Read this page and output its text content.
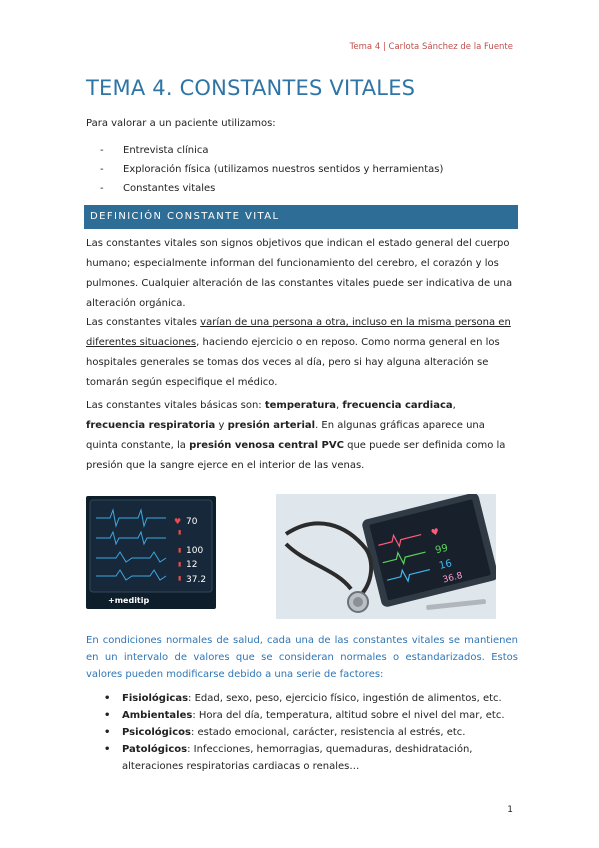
Tema 4 | Carlota Sánchez de la Fuente
TEMA 4. CONSTANTES VITALES
Para valorar a un paciente utilizamos:
- Entrevista clínica
- Exploración física (utilizamos nuestros sentidos y herramientas)
- Constantes vitales
DEFINICIÓN CONSTANTE VITAL
Las constantes vitales son signos objetivos que indican el estado general del cuerpo humano; especialmente informan del funcionamiento del cerebro, el corazón y los pulmones. Cualquier alteración de las constantes vitales puede ser indicativa de una alteración orgánica.
Las constantes vitales varían de una persona a otra, incluso en la misma persona en diferentes situaciones, haciendo ejercicio o en reposo. Como norma general en los hospitales generales se tomas dos veces al día, pero si hay alguna alteración se tomarán según especifique el médico.
Las constantes vitales básicas son: temperatura, frecuencia cardiaca, frecuencia respiratoria y presión arterial. En algunas gráficas aparece una quinta constante, la presión venosa central PVC que puede ser definida como la presión que la sangre ejerce en el interior de las venas.
♥
▮
▮
▮
▮
70
100
12
37.2
+meditip
♥
99
16
36.8
En condiciones normales de salud, cada una de las constantes vitales se mantienen en un intervalo de valores que se consideran normales o estandarizados. Estos valores pueden modificarse debido a una serie de factores:
• Fisiológicas: Edad, sexo, peso, ejercicio físico, ingestión de alimentos, etc.
• Ambientales: Hora del día, temperatura, altitud sobre el nivel del mar, etc.
• Psicológicos: estado emocional, carácter, resistencia al estrés, etc.
• Patológicos: Infecciones, hemorragias, quemaduras, deshidratación, alteraciones respiratorias cardiacas o renales…
1
